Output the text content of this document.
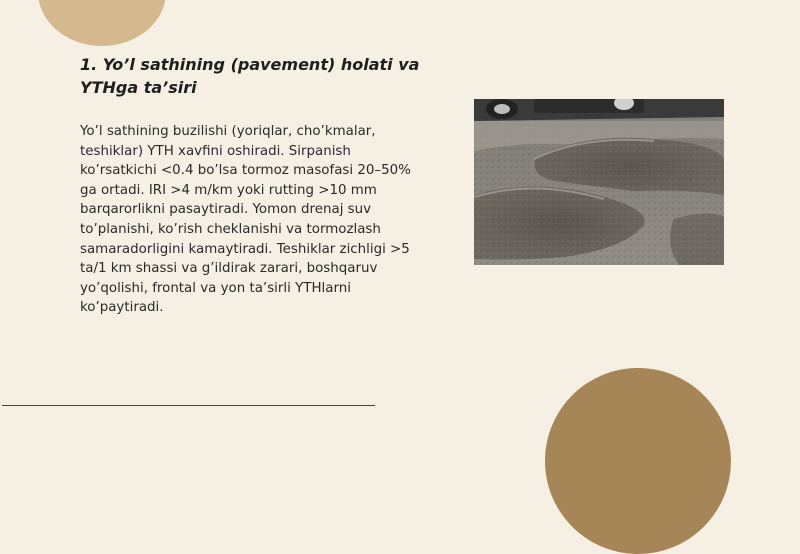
1. Yo’l sathining (pavement) holati va YTHga ta’siri

Yo’l sathining buzilishi (yoriqlar, cho’kmalar, teshiklar) YTH xavfini oshiradi. Sirpanish ko’rsatkichi <0.4 bo’lsa tormoz masofasi 20–50% ga ortadi. IRI >4 m/km yoki rutting >10 mm barqarorlikni pasaytiradi. Yomon drenaj suv to’planishi, ko’rish cheklanishi va tormozlash samaradorligini kamaytiradi. Teshiklar zichligi >5 ta/1 km shassi va g’ildirak zarari, boshqaruv yo’qolishi, frontal va yon ta’sirli YTHlarni ko’paytiradi.
